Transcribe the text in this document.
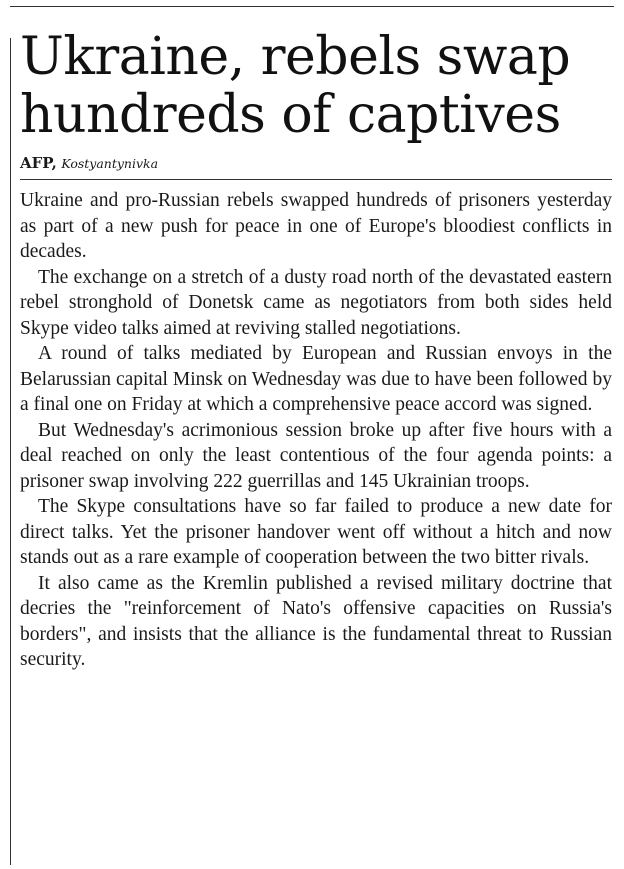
Ukraine, rebels swap hundreds of captives
AFP, Kostyantynivka

Ukraine and pro-Russian rebels swapped hundreds of prisoners yesterday as part of a new push for peace in one of Europe's bloodiest conflicts in decades.

The exchange on a stretch of a dusty road north of the devastated eastern rebel stronghold of Donetsk came as negotiators from both sides held Skype video talks aimed at reviving stalled negotiations.

A round of talks mediated by European and Russian envoys in the Belarussian capital Minsk on Wednesday was due to have been followed by a final one on Friday at which a comprehensive peace accord was signed.

But Wednesday's acrimonious session broke up after five hours with a deal reached on only the least contentious of the four agenda points: a prisoner swap involving 222 guerrillas and 145 Ukrainian troops.

The Skype consultations have so far failed to produce a new date for direct talks. Yet the prisoner handover went off without a hitch and now stands out as a rare example of cooperation between the two bitter rivals.

It also came as the Kremlin published a revised military doctrine that decries the "reinforcement of Nato's offensive capacities on Russia's borders", and insists that the alliance is the fundamental threat to Russian security.
